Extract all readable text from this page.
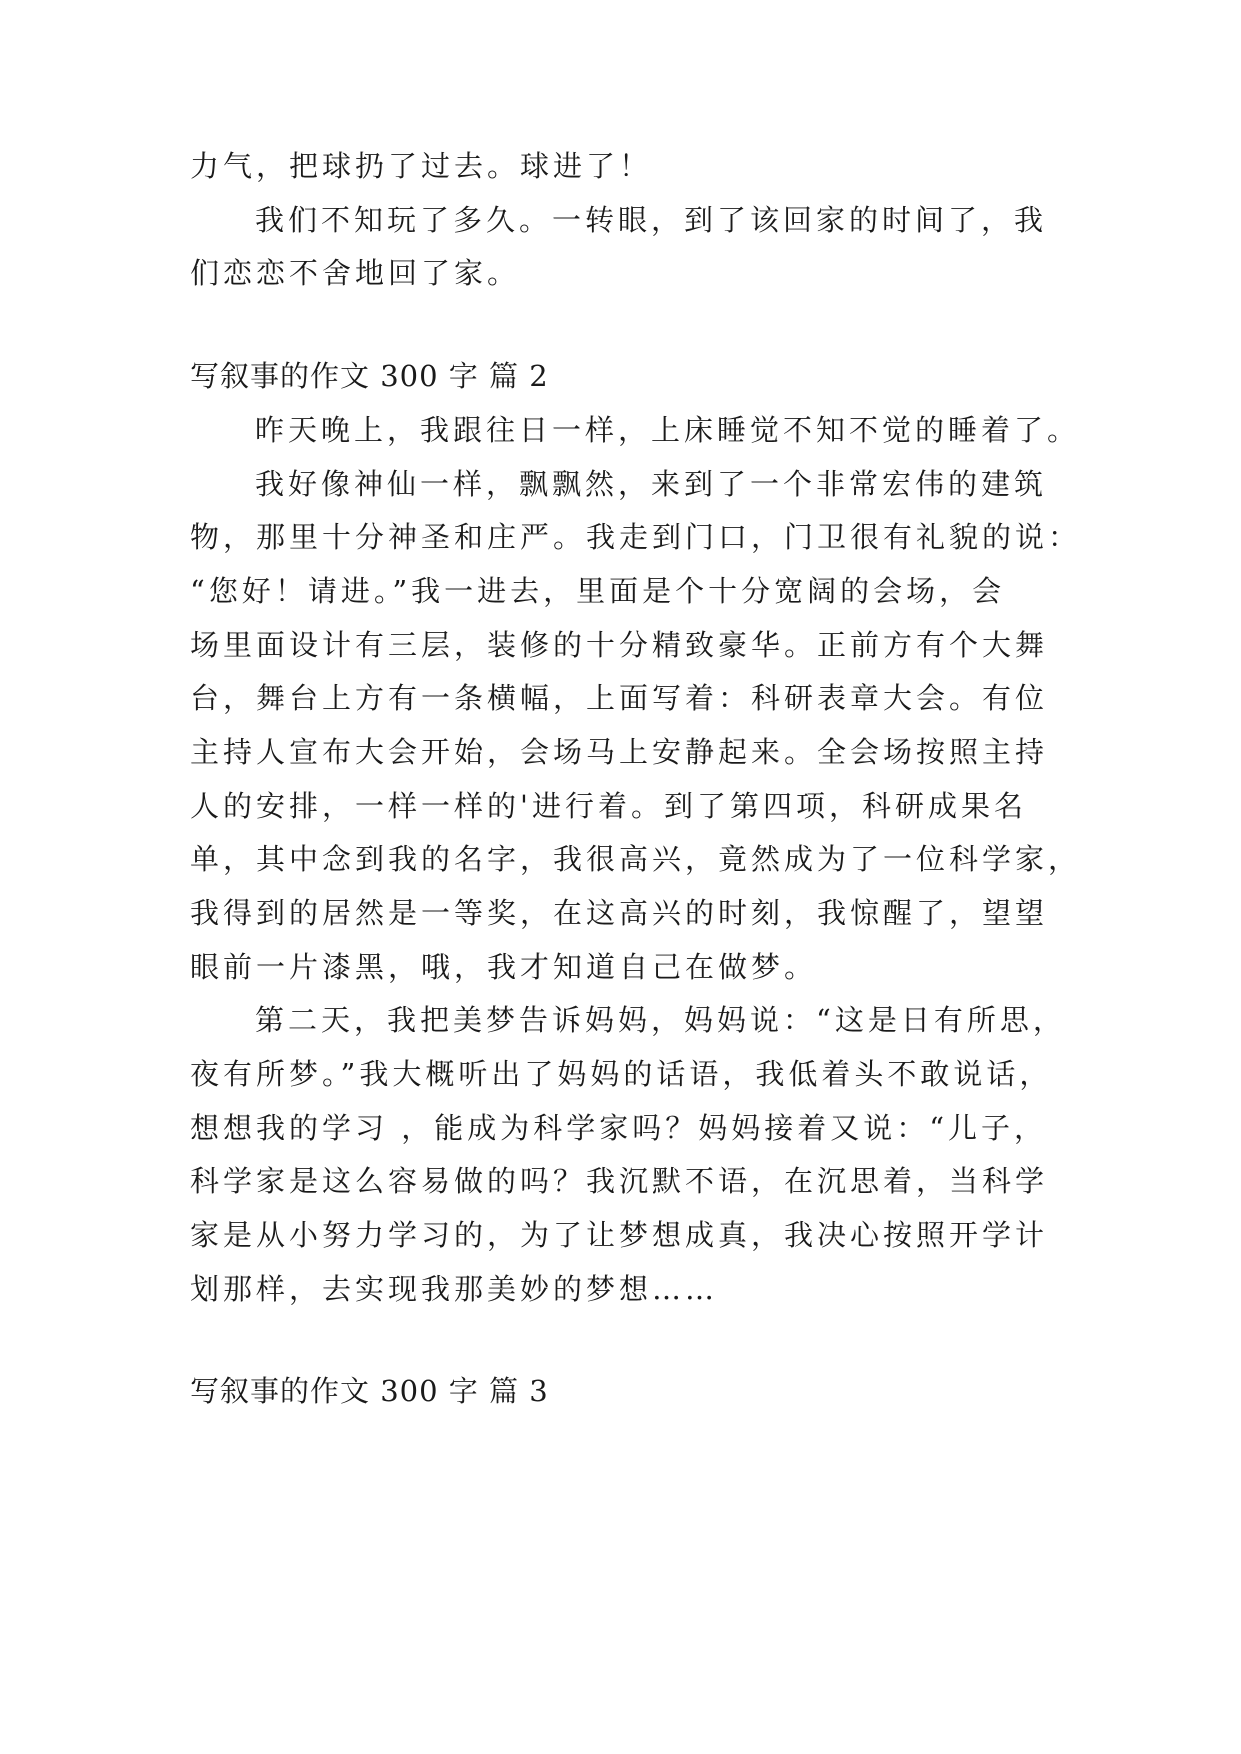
力气，把球扔了过去。球进了！
我们不知玩了多久。一转眼，到了该回家的时间了，我
们恋恋不舍地回了家。
写叙事的作文 300 字 篇 2
昨天晚上，我跟往日一样，上床睡觉不知不觉的睡着了。
我好像神仙一样，飘飘然，来到了一个非常宏伟的建筑
物，那里十分神圣和庄严。我走到门口，门卫很有礼貌的说：
“您好！请进。”我一进去，里面是个十分宽阔的会场，会
场里面设计有三层，装修的十分精致豪华。正前方有个大舞
台，舞台上方有一条横幅，上面写着：科研表章大会。有位
主持人宣布大会开始，会场马上安静起来。全会场按照主持
人的安排，一样一样的'进行着。到了第四项，科研成果名
单，其中念到我的名字，我很高兴，竟然成为了一位科学家，
我得到的居然是一等奖，在这高兴的时刻，我惊醒了，望望
眼前一片漆黑，哦，我才知道自己在做梦。
第二天，我把美梦告诉妈妈，妈妈说：“这是日有所思，
夜有所梦。”我大概听出了妈妈的话语，我低着头不敢说话，
想想我的学习 ，能成为科学家吗？妈妈接着又说：“儿子，
科学家是这么容易做的吗？我沉默不语，在沉思着，当科学
家是从小努力学习的，为了让梦想成真，我决心按照开学计
划那样，去实现我那美妙的梦想……
写叙事的作文 300 字 篇 3
